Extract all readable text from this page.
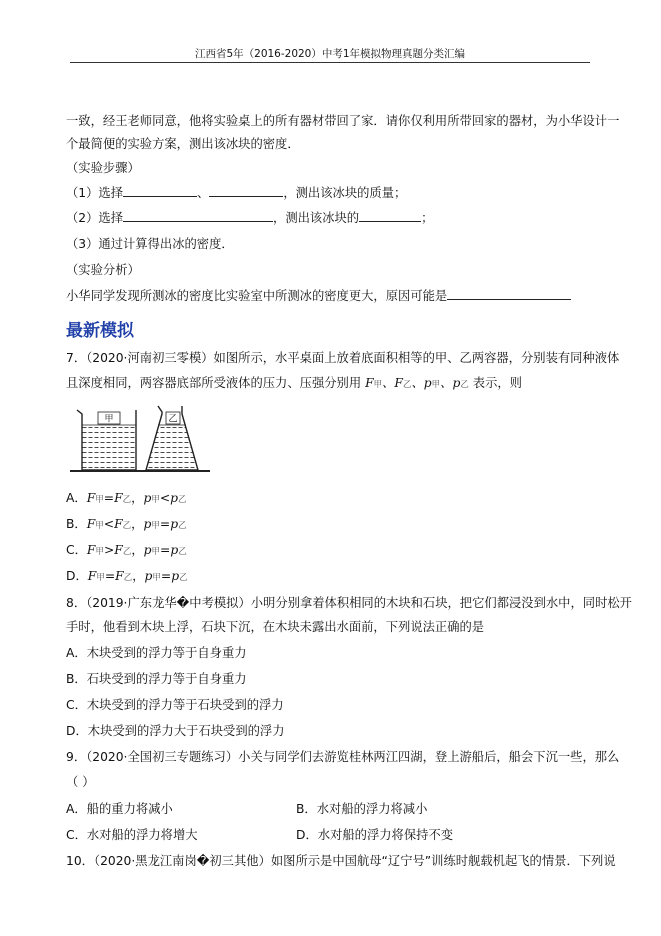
江西省5年（2016-2020）中考1年模拟物理真题分类汇编
一致，经王老师同意，他将实验桌上的所有器材带回了家．请你仅利用所带回家的器材，为小华设计一
个最简便的实验方案，测出该冰块的密度．
（实验步骤）
（1）选择	、	，测出该冰块的质量；
（2）选择	，测出该冰块的	；
（3）通过计算得出冰的密度．
（实验分析）
小华同学发现所测冰的密度比实验室中所测冰的密度更大，原因可能是
最新模拟
7．（2020·河南初三零模）如图所示，水平桌面上放着底面积相等的甲、乙两容器，分别装有同种液体
且深度相同，两容器底部所受液体的压力、压强分别用 F甲、F乙、p甲、p乙 表示，则
甲	乙
A．F甲=F乙，p甲<p乙
B．F甲<F乙，p甲=p乙
C．F甲>F乙，p甲=p乙
D．F甲=F乙，p甲=p乙
8．（2019·广东龙华�中考模拟）小明分别拿着体积相同的木块和石块，把它们都浸没到水中，同时松开
手时，他看到木块上浮，石块下沉，在木块未露出水面前，下列说法正确的是
A．木块受到的浮力等于自身重力
B．石块受到的浮力等于自身重力
C．木块受到的浮力等于石块受到的浮力
D．木块受到的浮力大于石块受到的浮力
9．（2020·全国初三专题练习）小关与同学们去游览桂林两江四湖，登上游船后，船会下沉一些，那么
（ ）
A．船的重力将减小	B．水对船的浮力将减小
C．水对船的浮力将增大	D．水对船的浮力将保持不变
10．（2020·黑龙江南岗�初三其他）如图所示是中国航母“辽宁号”训练时舰载机起飞的情景．下列说
